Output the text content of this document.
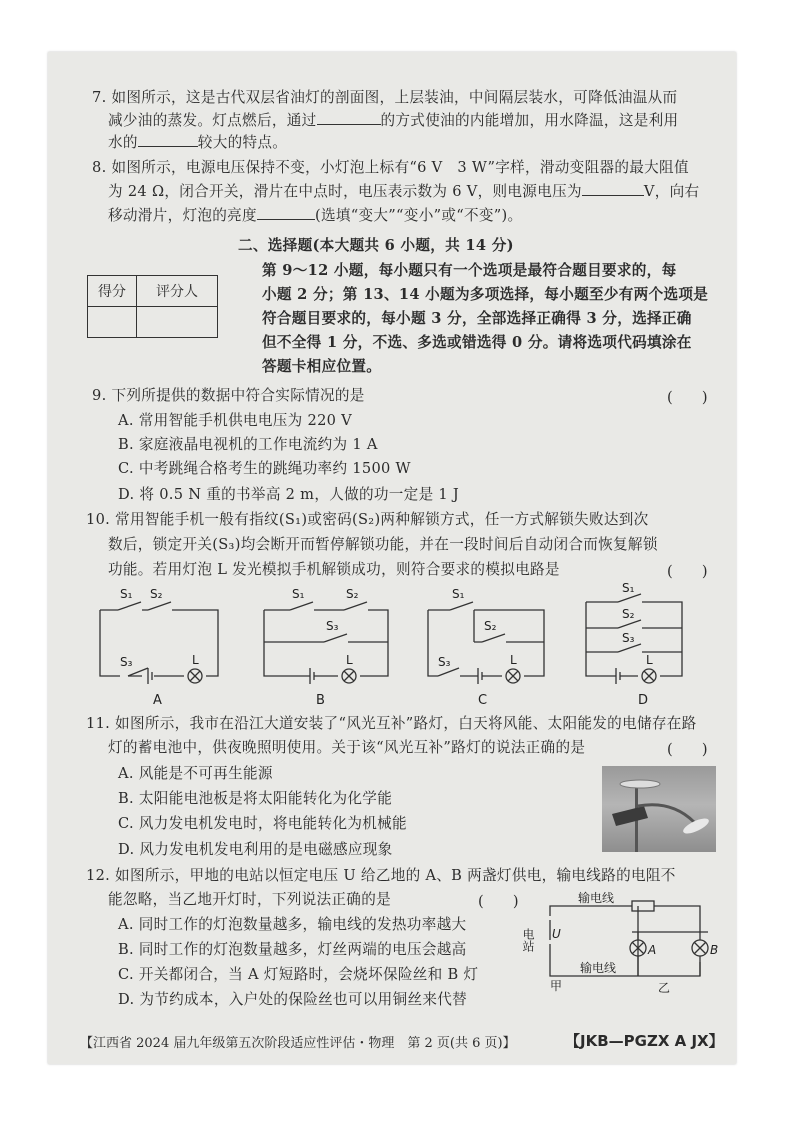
7. 如图所示，这是古代双层省油灯的剖面图，上层装油，中间隔层装水，可降低油温从而
减少油的蒸发。灯点燃后，通过	的方式使油的内能增加，用水降温，这是利用
水的	较大的特点。
8. 如图所示，电源电压保持不变，小灯泡上标有“6 V　3 W”字样，滑动变阻器的最大阻值
为 24 Ω，闭合开关，滑片在中点时，电压表示数为 6 V，则电源电压为	V，向右
移动滑片，灯泡的亮度	(选填“变大”“变小”或“不变”)。
二、选择题(本大题共 6 小题，共 14 分)
得分	评分人

第 9～12 小题，每小题只有一个选项是最符合题目要求的，每
小题 2 分；第 13、14 小题为多项选择，每小题至少有两个选项是
符合题目要求的，每小题 3 分，全部选择正确得 3 分，选择正确
但不全得 1 分，不选、多选或错选得 0 分。请将选项代码填涂在
答题卡相应位置。
9. 下列所提供的数据中符合实际情况的是	(　　)
A. 常用智能手机供电电压为 220 V
B. 家庭液晶电视机的工作电流约为 1 A
C. 中考跳绳合格考生的跳绳功率约 1500 W
D. 将 0.5 N 重的书举高 2 m，人做的功一定是 1 J
10. 常用智能手机一般有指纹(S₁)或密码(S₂)两种解锁方式，任一方式解锁失败达到次
数后，锁定开关(S₃)均会断开而暂停解锁功能，并在一段时间后自动闭合而恢复解锁
功能。若用灯泡 L 发光模拟手机解锁成功，则符合要求的模拟电路是	(　　)
S₁ S₂
S₃	L
S₁	S₂
S₃
L
S₁
S₂
S₃	L
S₁
S₂
S₃
L
A	B	C	D
11. 如图所示，我市在沿江大道安装了“风光互补”路灯，白天将风能、太阳能发的电储存在路
灯的蓄电池中，供夜晚照明使用。关于该“风光互补”路灯的说法正确的是	(　　)
A. 风能是不可再生能源
B. 太阳能电池板是将太阳能转化为化学能
C. 风力发电机发电时，将电能转化为机械能
D. 风力发电机发电利用的是电磁感应现象
12. 如图所示，甲地的电站以恒定电压 U 给乙地的 A、B 两盏灯供电，输电线路的电阻不
能忽略，当乙地开灯时，下列说法正确的是	(　　)
A. 同时工作的灯泡数量越多，输电线的发热功率越大
B. 同时工作的灯泡数量越多，灯丝两端的电压会越高
C. 开关都闭合，当 A 灯短路时，会烧坏保险丝和 B 灯
D. 为节约成本，入户处的保险丝也可以用铜丝来代替
输电线
输电线
电站 U
A	B
甲	乙
【江西省 2024 届九年级第五次阶段适应性评估・物理　第 2 页(共 6 页)】	【JKB—PGZX A JX】
